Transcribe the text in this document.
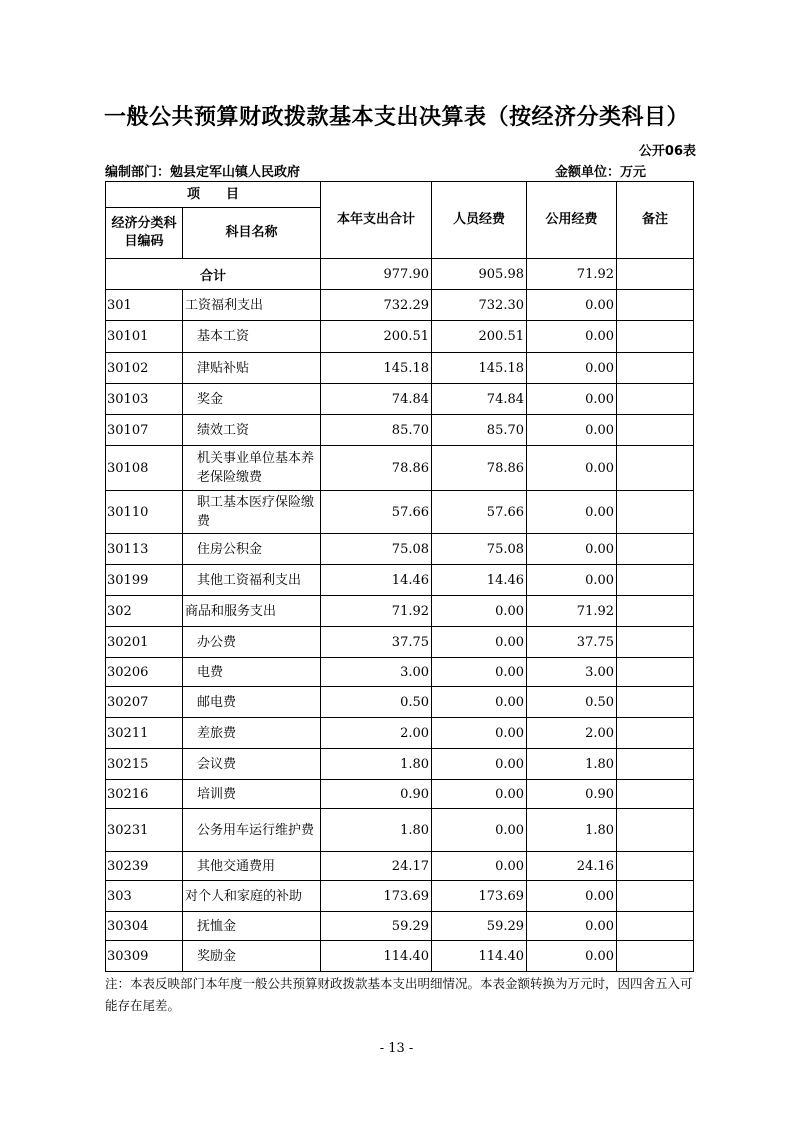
一般公共预算财政拨款基本支出决算表（按经济分类科目）
公开06表
编制部门：勉县定军山镇人民政府	金额单位：万元
项　　目		本年支出合计	人员经费	公用经费	备注
经济分类科目编码	科目名称				
合计		977.90	905.98	71.92	
301	工资福利支出	732.29	732.30	0.00	
30101	基本工资	200.51	200.51	0.00	
30102	津贴补贴	145.18	145.18	0.00	
30103	奖金	74.84	74.84	0.00	
30107	绩效工资	85.70	85.70	0.00	
30108	机关事业单位基本养老保险缴费	78.86	78.86	0.00	
30110	职工基本医疗保险缴费	57.66	57.66	0.00	
30113	住房公积金	75.08	75.08	0.00	
30199	其他工资福利支出	14.46	14.46	0.00	
302	商品和服务支出	71.92	0.00	71.92	
30201	办公费	37.75	0.00	37.75	
30206	电费	3.00	0.00	3.00	
30207	邮电费	0.50	0.00	0.50	
30211	差旅费	2.00	0.00	2.00	
30215	会议费	1.80	0.00	1.80	
30216	培训费	0.90	0.00	0.90	
30231	公务用车运行维护费	1.80	0.00	1.80	
30239	其他交通费用	24.17	0.00	24.16	
303	对个人和家庭的补助	173.69	173.69	0.00	
30304	抚恤金	59.29	59.29	0.00	
30309	奖励金	114.40	114.40	0.00	
注：本表反映部门本年度一般公共预算财政拨款基本支出明细情况。本表金额转换为万元时，因四舍五入可能存在尾差。
- 13 -
